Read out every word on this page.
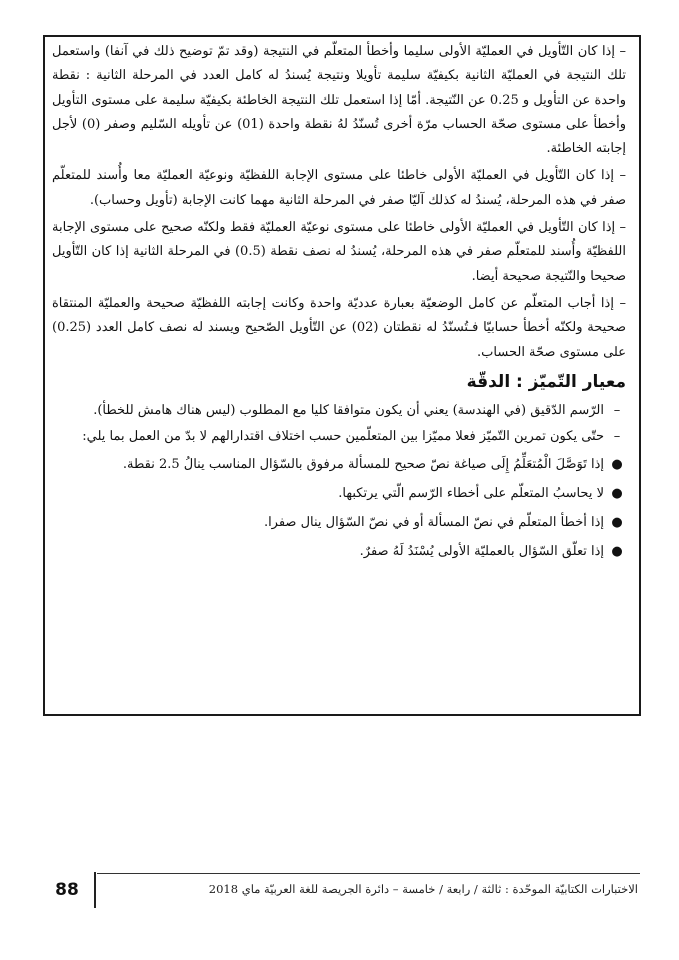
– إذا كان التّأويل في العمليّة الأولى سليما وأخطأ المتعلّم في النتيجة (وقد تمّ توضيح ذلك في آنفا) واستعمل تلك النتيجة في العمليّة الثانية بكيفيّة سليمة تأويلا ونتيجة يُسندُ له كامل العدد في المرحلة الثانية : نقطة واحدة عن التأويل و 0.25 عن النّتيجة. أمّا إذا استعمل تلك النتيجة الخاطئة بكيفيّة سليمة على مستوى التأويل وأخطأ على مستوى صحّة الحساب مرّة أخرى تُسنّدُ لهُ نقطة واحدة (01) عن تأويله السّليم وصفر (0) لأجل إجابته الخاطئة.

– إذا كان التّأويل في العمليّة الأولى خاطئا على مستوى الإجابة اللفظيّة ونوعيّة العمليّة معا وأُسند للمتعلّم صفر في هذه المرحلة، يُسندُ له كذلك آليّا صفر في المرحلة الثانية مهما كانت الإجابة (تأويل وحساب).

– إذا كان التّأويل في العمليّة الأولى خاطئا على مستوى نوعيّة العمليّة فقط ولكنّه صحيح على مستوى الإجابة اللفظيّة وأُسند للمتعلّم صفر في هذه المرحلة، يُسندُ له نصف نقطة (0.5) في المرحلة الثانية إذا كان التّأويل صحيحا والنّتيجة صحيحة أيضا.

– إذا أجاب المتعلّم عن كامل الوضعيّة بعبارة عدديّة واحدة وكانت إجابته اللفظيّة صحيحة والعمليّة المنتقاة صحيحة ولكنّه أخطأ حسابيّا فـتُسنّدُ له نقطتان (02) عن التّأويل الصّحيح ويسند له نصف كامل العدد (0.25) على مستوى صحّة الحساب.

معيار التّميّز : الدقّة
–
الرّسم الدّقيق (في الهندسة) يعني أن يكون متوافقا كليا مع المطلوب (ليس هناك هامش للخطأ).
–
حتّى يكون تمرين التّميّز فعلا مميّزا بين المتعلّمين حسب اختلاف اقتدارالهم لا بدّ من العمل بما يلي:
●
إذا تَوَصَّلَ الْمُتعَلِّمُ إِلَى صياغة نصّ صحيح للمسألة مرفوق بالسّؤال المناسب ينالُ 2.5 نقطة.
●
لا يحاسبُ المتعلّم على أخطاء الرّسم الّتي يرتكبها.
●
إذا أخطأ المتعلّم في نصّ المسألة أو في نصّ السّؤال ينال صفرا.
●
إذا تعلّق السّؤال بالعمليّة الأولى يُسْنَدُ لَهُ صفرٌ.
88	الاختبارات الكتابيّة الموحّدة : ثالثة / رابعة / خامسة – دائرة الجريصة للغة العربيّة ماي 2018
